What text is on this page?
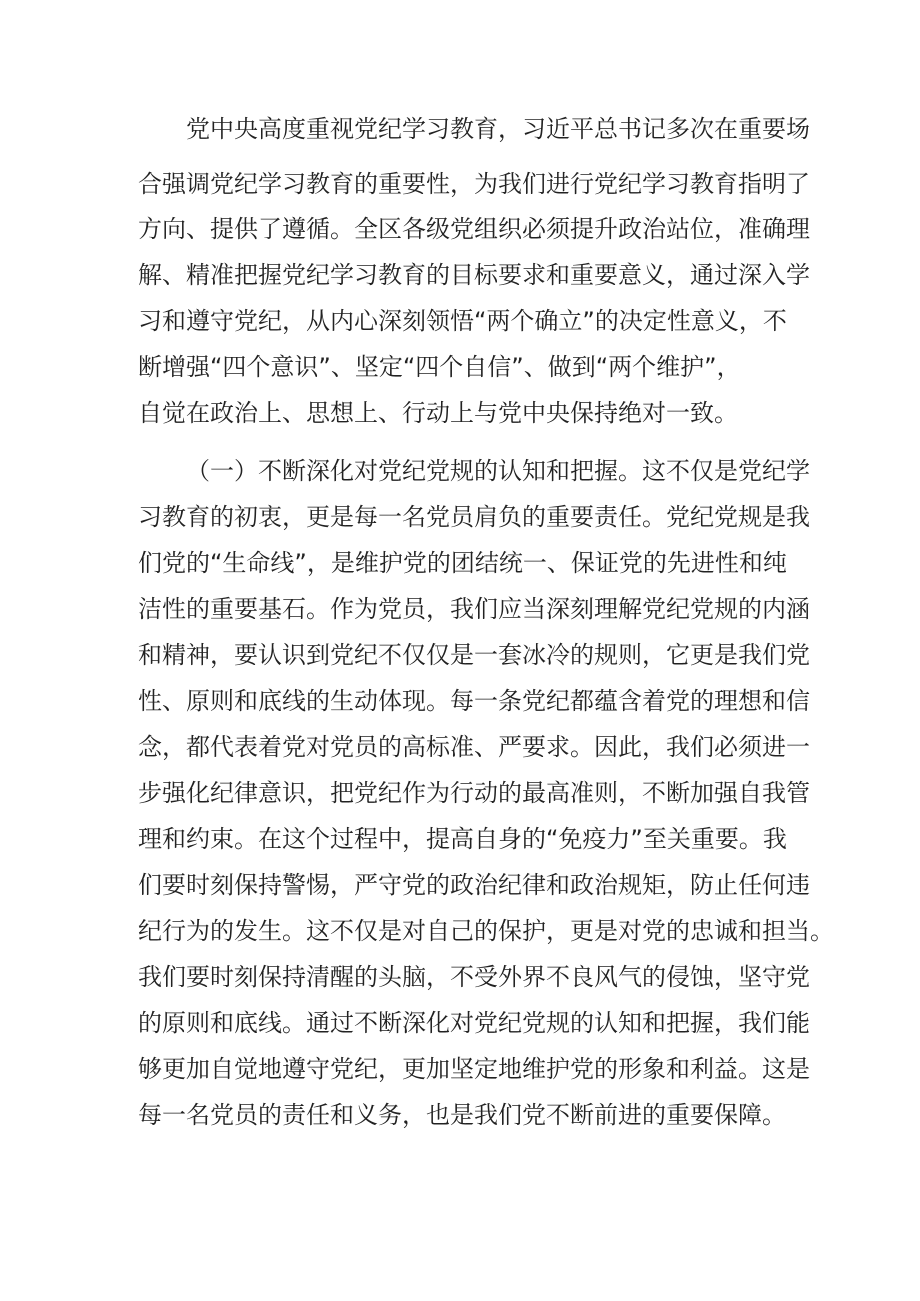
党中央高度重视党纪学习教育，习近平总书记多次在重要场
合强调党纪学习教育的重要性，为我们进行党纪学习教育指明了
方向、提供了遵循。全区各级党组织必须提升政治站位，准确理
解、精准把握党纪学习教育的目标要求和重要意义，通过深入学
习和遵守党纪，从内心深刻领悟“两个确立”的决定性意义，不
断增强“四个意识”、坚定“四个自信”、做到“两个维护”，
自觉在政治上、思想上、行动上与党中央保持绝对一致。
（一）不断深化对党纪党规的认知和把握。这不仅是党纪学
习教育的初衷，更是每一名党员肩负的重要责任。党纪党规是我
们党的“生命线”，是维护党的团结统一、保证党的先进性和纯
洁性的重要基石。作为党员，我们应当深刻理解党纪党规的内涵
和精神，要认识到党纪不仅仅是一套冰冷的规则，它更是我们党
性、原则和底线的生动体现。每一条党纪都蕴含着党的理想和信
念，都代表着党对党员的高标准、严要求。因此，我们必须进一
步强化纪律意识，把党纪作为行动的最高准则，不断加强自我管
理和约束。在这个过程中，提高自身的“免疫力”至关重要。我
们要时刻保持警惕，严守党的政治纪律和政治规矩，防止任何违
纪行为的发生。这不仅是对自己的保护，更是对党的忠诚和担当。
我们要时刻保持清醒的头脑，不受外界不良风气的侵蚀，坚守党
的原则和底线。通过不断深化对党纪党规的认知和把握，我们能
够更加自觉地遵守党纪，更加坚定地维护党的形象和利益。这是
每一名党员的责任和义务，也是我们党不断前进的重要保障。
